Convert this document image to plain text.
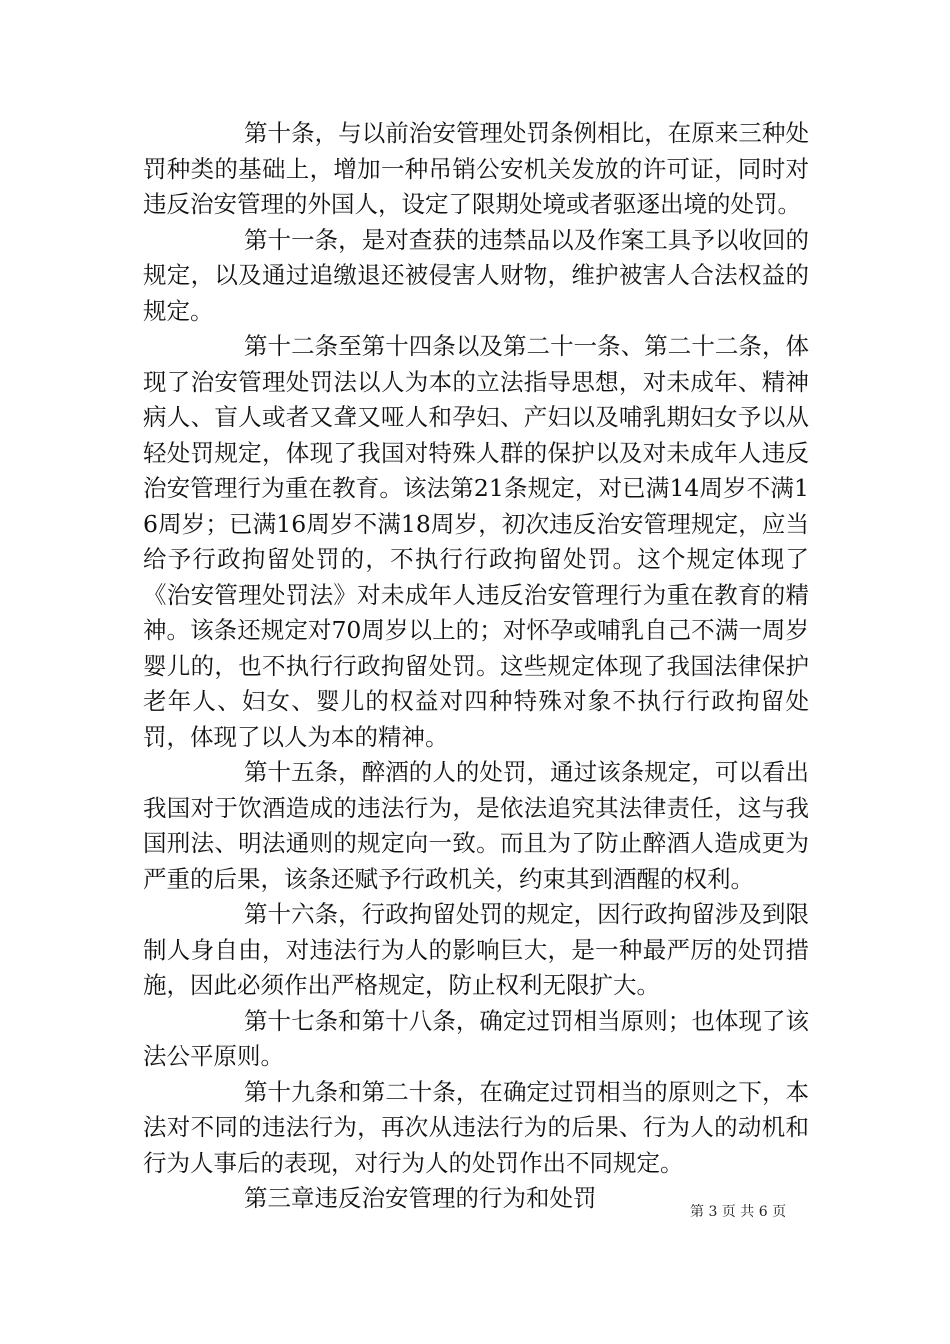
第十条，与以前治安管理处罚条例相比，在原来三种处罚种类的基础上，增加一种吊销公安机关发放的许可证，同时对违反治安管理的外国人，设定了限期处境或者驱逐出境的处罚。

第十一条，是对查获的违禁品以及作案工具予以收回的规定，以及通过追缴退还被侵害人财物，维护被害人合法权益的规定。

第十二条至第十四条以及第二十一条、第二十二条，体现了治安管理处罚法以人为本的立法指导思想，对未成年、精神病人、盲人或者又聋又哑人和孕妇、产妇以及哺乳期妇女予以从轻处罚规定，体现了我国对特殊人群的保护以及对未成年人违反治安管理行为重在教育。该法第21条规定，对已满14周岁不满16周岁；已满16周岁不满18周岁，初次违反治安管理规定，应当给予行政拘留处罚的，不执行行政拘留处罚。这个规定体现了《治安管理处罚法》对未成年人违反治安管理行为重在教育的精神。该条还规定对70周岁以上的；对怀孕或哺乳自己不满一周岁婴儿的，也不执行行政拘留处罚。这些规定体现了我国法律保护老年人、妇女、婴儿的权益对四种特殊对象不执行行政拘留处罚，体现了以人为本的精神。

第十五条，醉酒的人的处罚，通过该条规定，可以看出我国对于饮酒造成的违法行为，是依法追究其法律责任，这与我国刑法、明法通则的规定向一致。而且为了防止醉酒人造成更为严重的后果，该条还赋予行政机关，约束其到酒醒的权利。

第十六条，行政拘留处罚的规定，因行政拘留涉及到限制人身自由，对违法行为人的影响巨大，是一种最严厉的处罚措施，因此必须作出严格规定，防止权利无限扩大。

第十七条和第十八条，确定过罚相当原则；也体现了该法公平原则。

第十九条和第二十条，在确定过罚相当的原则之下，本法对不同的违法行为，再次从违法行为的后果、行为人的动机和行为人事后的表现，对行为人的处罚作出不同规定。

第三章违反治安管理的行为和处罚	第 3 页 共 6 页
